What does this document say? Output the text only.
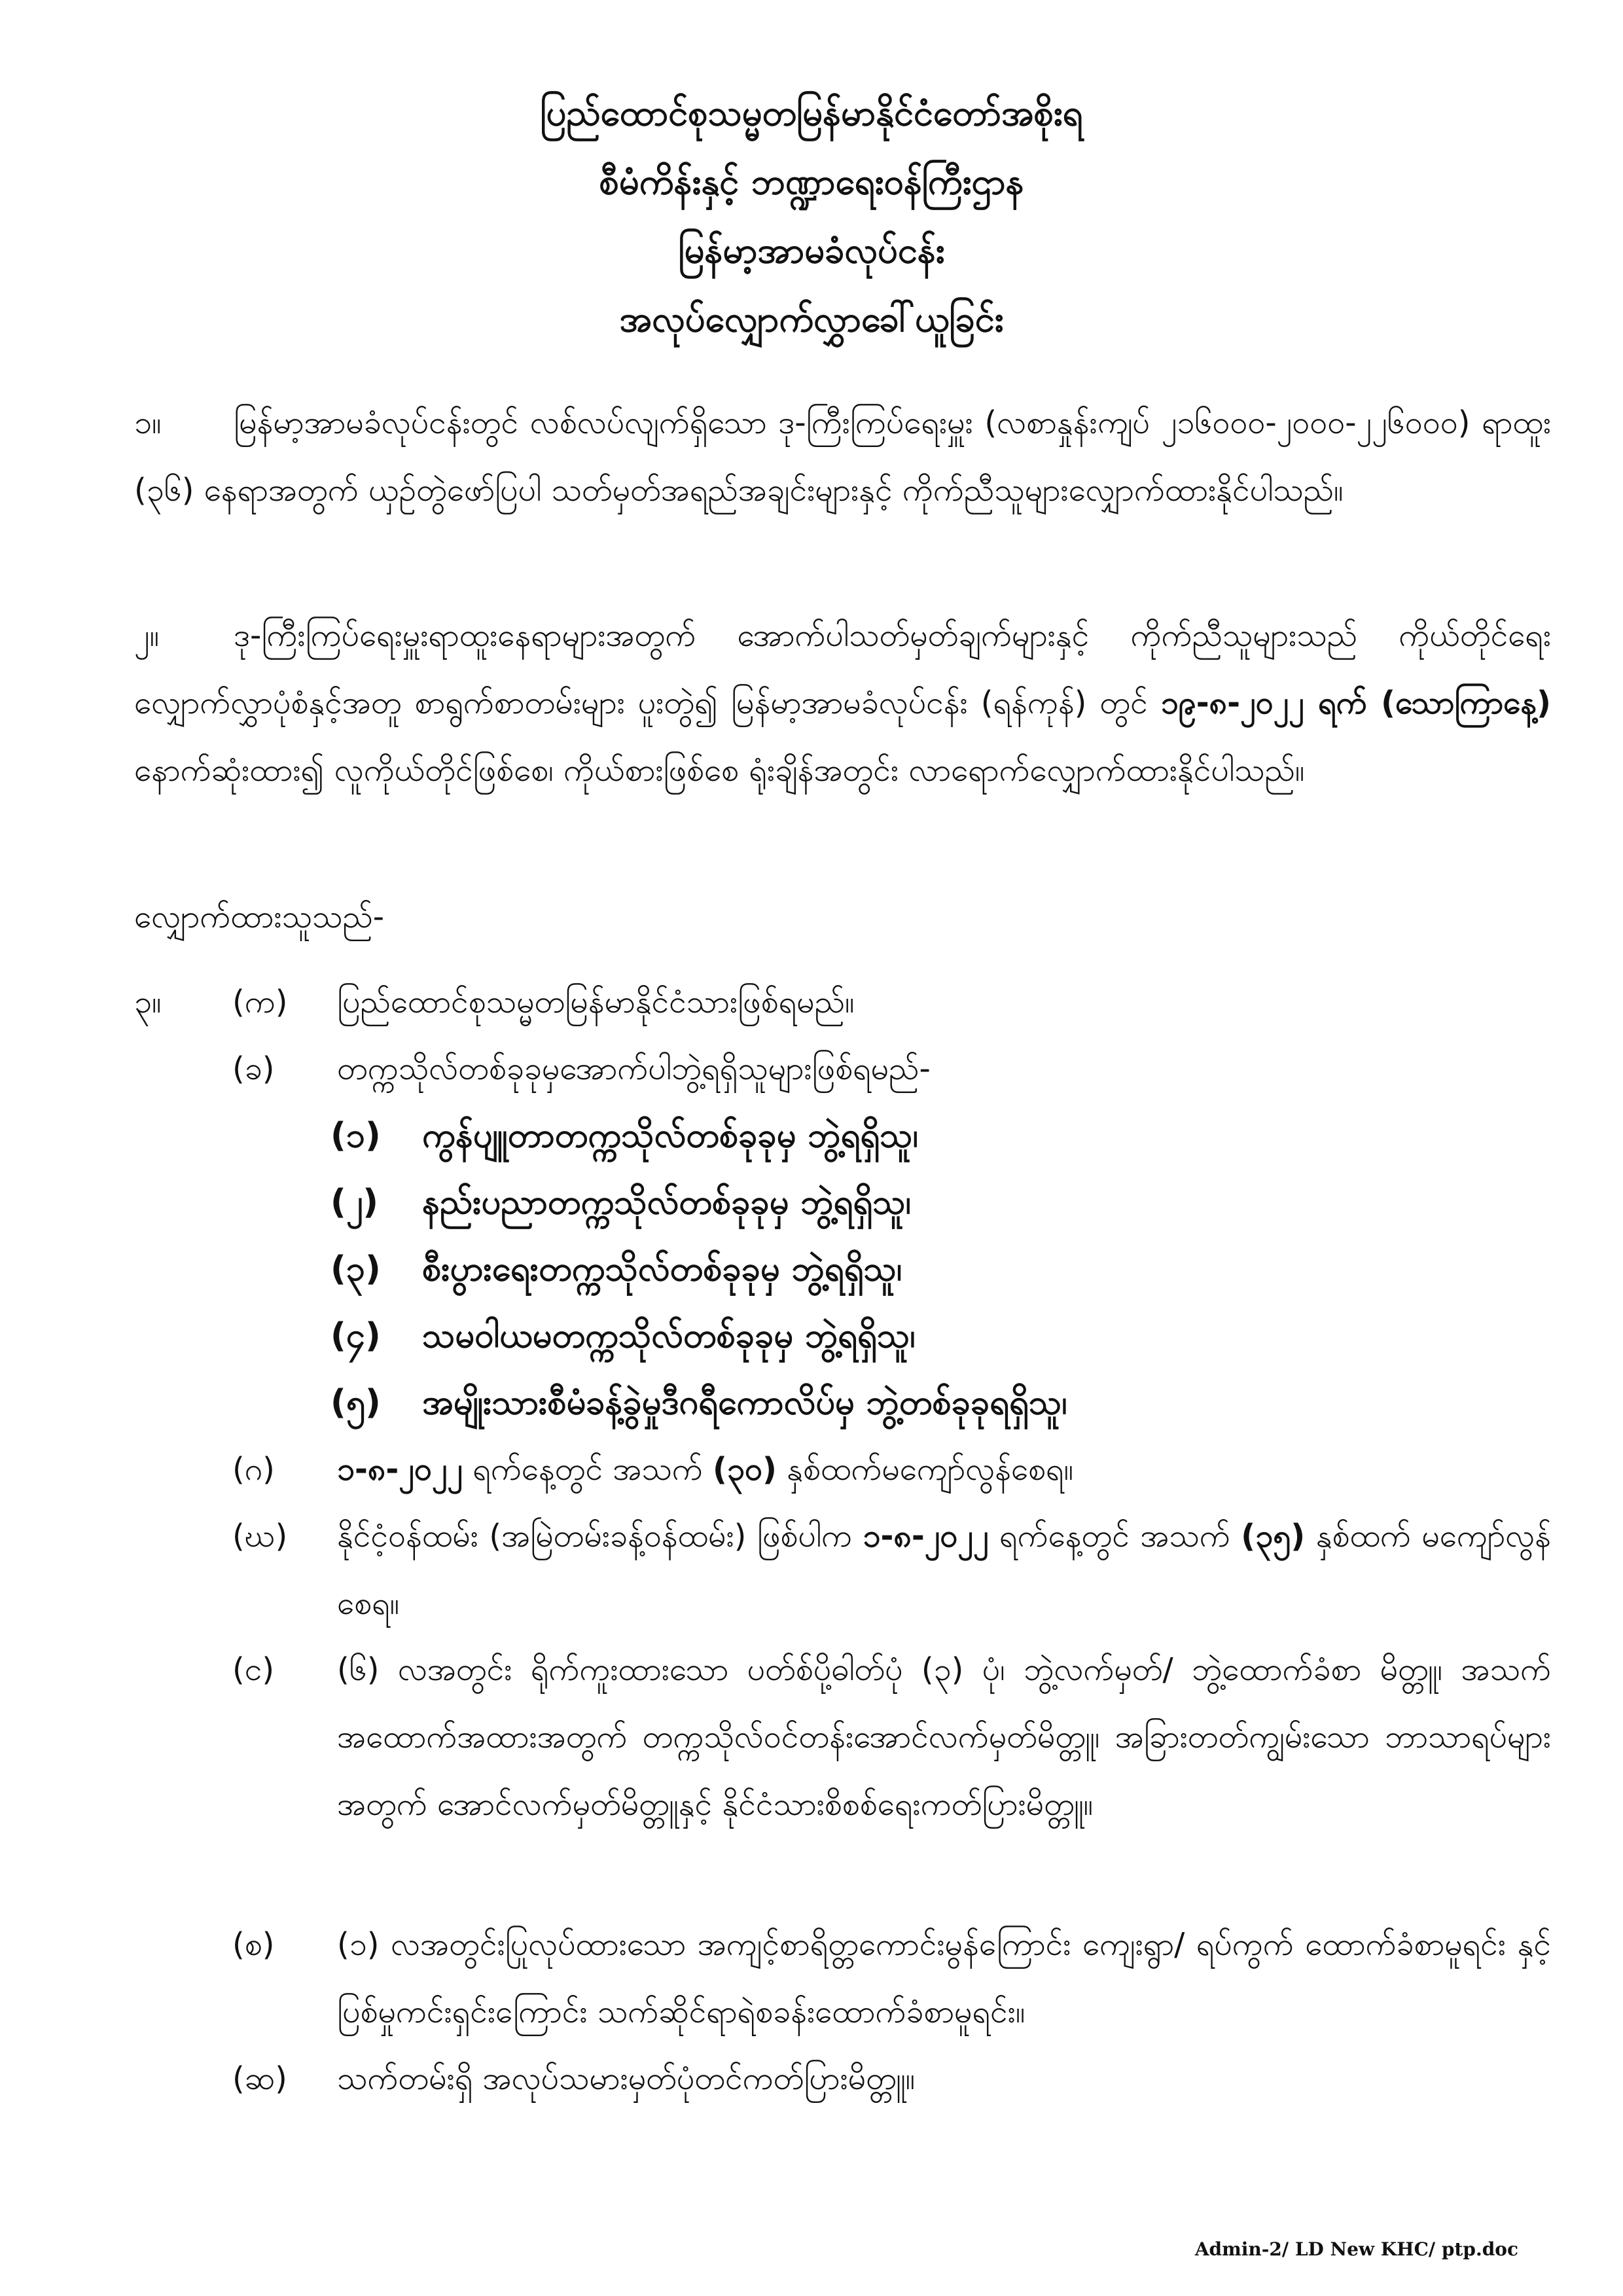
ပြည်ထောင်စုသမ္မတမြန်မာနိုင်ငံတော်အစိုးရ
စီမံကိန်းနှင့် ဘဏ္ဍာရေးဝန်ကြီးဌာန
မြန်မာ့အာမခံလုပ်ငန်း
အလုပ်လျှောက်လွှာခေါ်ယူခြင်း
၁။ မြန်မာ့အာမခံလုပ်ငန်းတွင် လစ်လပ်လျက်ရှိသော ဒု-ကြီးကြပ်ရေးမှူး (လစာနှုန်းကျပ် ၂၁၆၀၀၀-၂၀၀၀-၂၂၆၀၀၀) ရာထူး (၃၆) နေရာအတွက် ယှဉ်တွဲဖော်ပြပါ သတ်မှတ်အရည်အချင်းများနှင့် ကိုက်ညီသူများလျှောက်ထားနိုင်ပါသည်။
၂။ ဒု-ကြီးကြပ်ရေးမှူးရာထူးနေရာများအတွက် အောက်ပါသတ်မှတ်ချက်များနှင့် ကိုက်ညီသူများသည် ကိုယ်တိုင်ရေးလျှောက်လွှာပုံစံနှင့်အတူ စာရွက်စာတမ်းများ ပူးတွဲ၍ မြန်မာ့အာမခံလုပ်ငန်း (ရန်ကုန်) တွင် ၁၉-၈-၂၀၂၂ ရက် (သောကြာနေ့) နောက်ဆုံးထား၍ လူကိုယ်တိုင်ဖြစ်စေ၊ ကိုယ်စားဖြစ်စေ ရုံးချိန်အတွင်း လာရောက်လျှောက်ထားနိုင်ပါသည်။
လျှောက်ထားသူသည်-
၃။ (က) ပြည်ထောင်စုသမ္မတမြန်မာနိုင်ငံသားဖြစ်ရမည်။
(ခ) တက္ကသိုလ်တစ်ခုခုမှအောက်ပါဘွဲ့ရရှိသူများဖြစ်ရမည်-
(၁) ကွန်ပျူတာတက္ကသိုလ်တစ်ခုခုမှ ဘွဲ့ရရှိသူ၊
(၂) နည်းပညာတက္ကသိုလ်တစ်ခုခုမှ ဘွဲ့ရရှိသူ၊
(၃) စီးပွားရေးတက္ကသိုလ်တစ်ခုခုမှ ဘွဲ့ရရှိသူ၊
(၄) သမဝါယမတက္ကသိုလ်တစ်ခုခုမှ ဘွဲ့ရရှိသူ၊
(၅) အမျိုးသားစီမံခန့်ခွဲမှုဒီဂရီကောလိပ်မှ ဘွဲ့တစ်ခုခုရရှိသူ၊
(ဂ) ၁-၈-၂၀၂၂ ရက်နေ့တွင် အသက် (၃၀) နှစ်ထက်မကျော်လွန်စေရ။
(ဃ) နိုင်ငံ့ဝန်ထမ်း (အမြဲတမ်းခန့်ဝန်ထမ်း) ဖြစ်ပါက ၁-၈-၂၀၂၂ ရက်နေ့တွင် အသက် (၃၅) နှစ်ထက် မကျော်လွန်စေရ။
(င) (၆) လအတွင်း ရိုက်ကူးထားသော ပတ်စ်ပို့ဓါတ်ပုံ (၃) ပုံ၊ ဘွဲ့လက်မှတ်/ ဘွဲ့ထောက်ခံစာ မိတ္တူ၊ အသက်အထောက်အထားအတွက် တက္ကသိုလ်ဝင်တန်းအောင်လက်မှတ်မိတ္တူ၊ အခြားတတ်ကျွမ်းသော ဘာသာရပ်များအတွက် အောင်လက်မှတ်မိတ္တူနှင့် နိုင်ငံသားစိစစ်ရေးကတ်ပြားမိတ္တူ။
(စ) (၁) လအတွင်းပြုလုပ်ထားသော အကျင့်စာရိတ္တကောင်းမွန်ကြောင်း ကျေးရွာ/ ရပ်ကွက် ထောက်ခံစာမူရင်း နှင့် ပြစ်မှုကင်းရှင်းကြောင်း သက်ဆိုင်ရာရဲစခန်းထောက်ခံစာမူရင်း။
(ဆ) သက်တမ်းရှိ အလုပ်သမားမှတ်ပုံတင်ကတ်ပြားမိတ္တူ။
Admin-2/ LD New KHC/ ptp.doc
